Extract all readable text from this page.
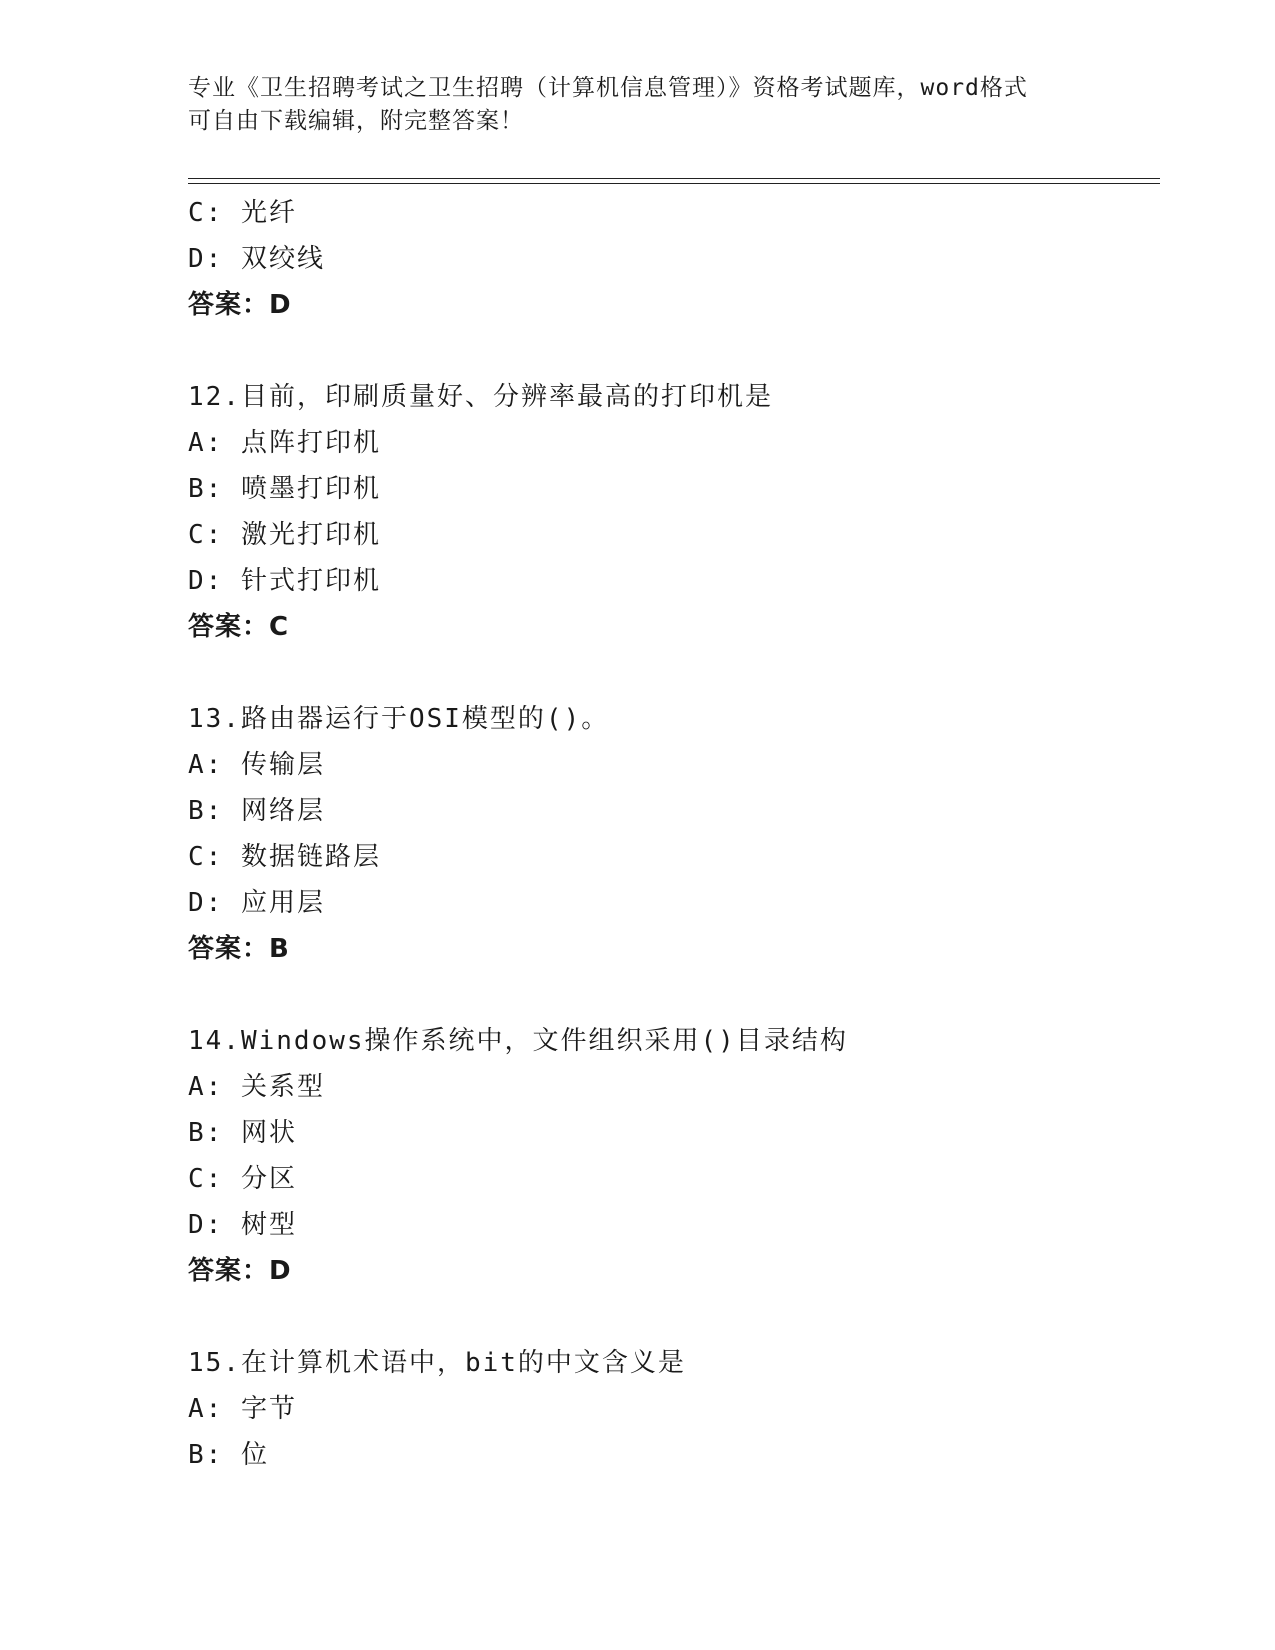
专业《卫生招聘考试之卫生招聘（计算机信息管理）》资格考试题库，word格式
可自由下载编辑，附完整答案！
C: 光纤
D: 双绞线
答案：D
12.目前，印刷质量好、分辨率最高的打印机是
A: 点阵打印机
B: 喷墨打印机
C: 激光打印机
D: 针式打印机
答案：C
13.路由器运行于OSI模型的()。
A: 传输层
B: 网络层
C: 数据链路层
D: 应用层
答案：B
14.Windows操作系统中，文件组织采用()目录结构
A: 关系型
B: 网状
C: 分区
D: 树型
答案：D
15.在计算机术语中，bit的中文含义是
A: 字节
B: 位
